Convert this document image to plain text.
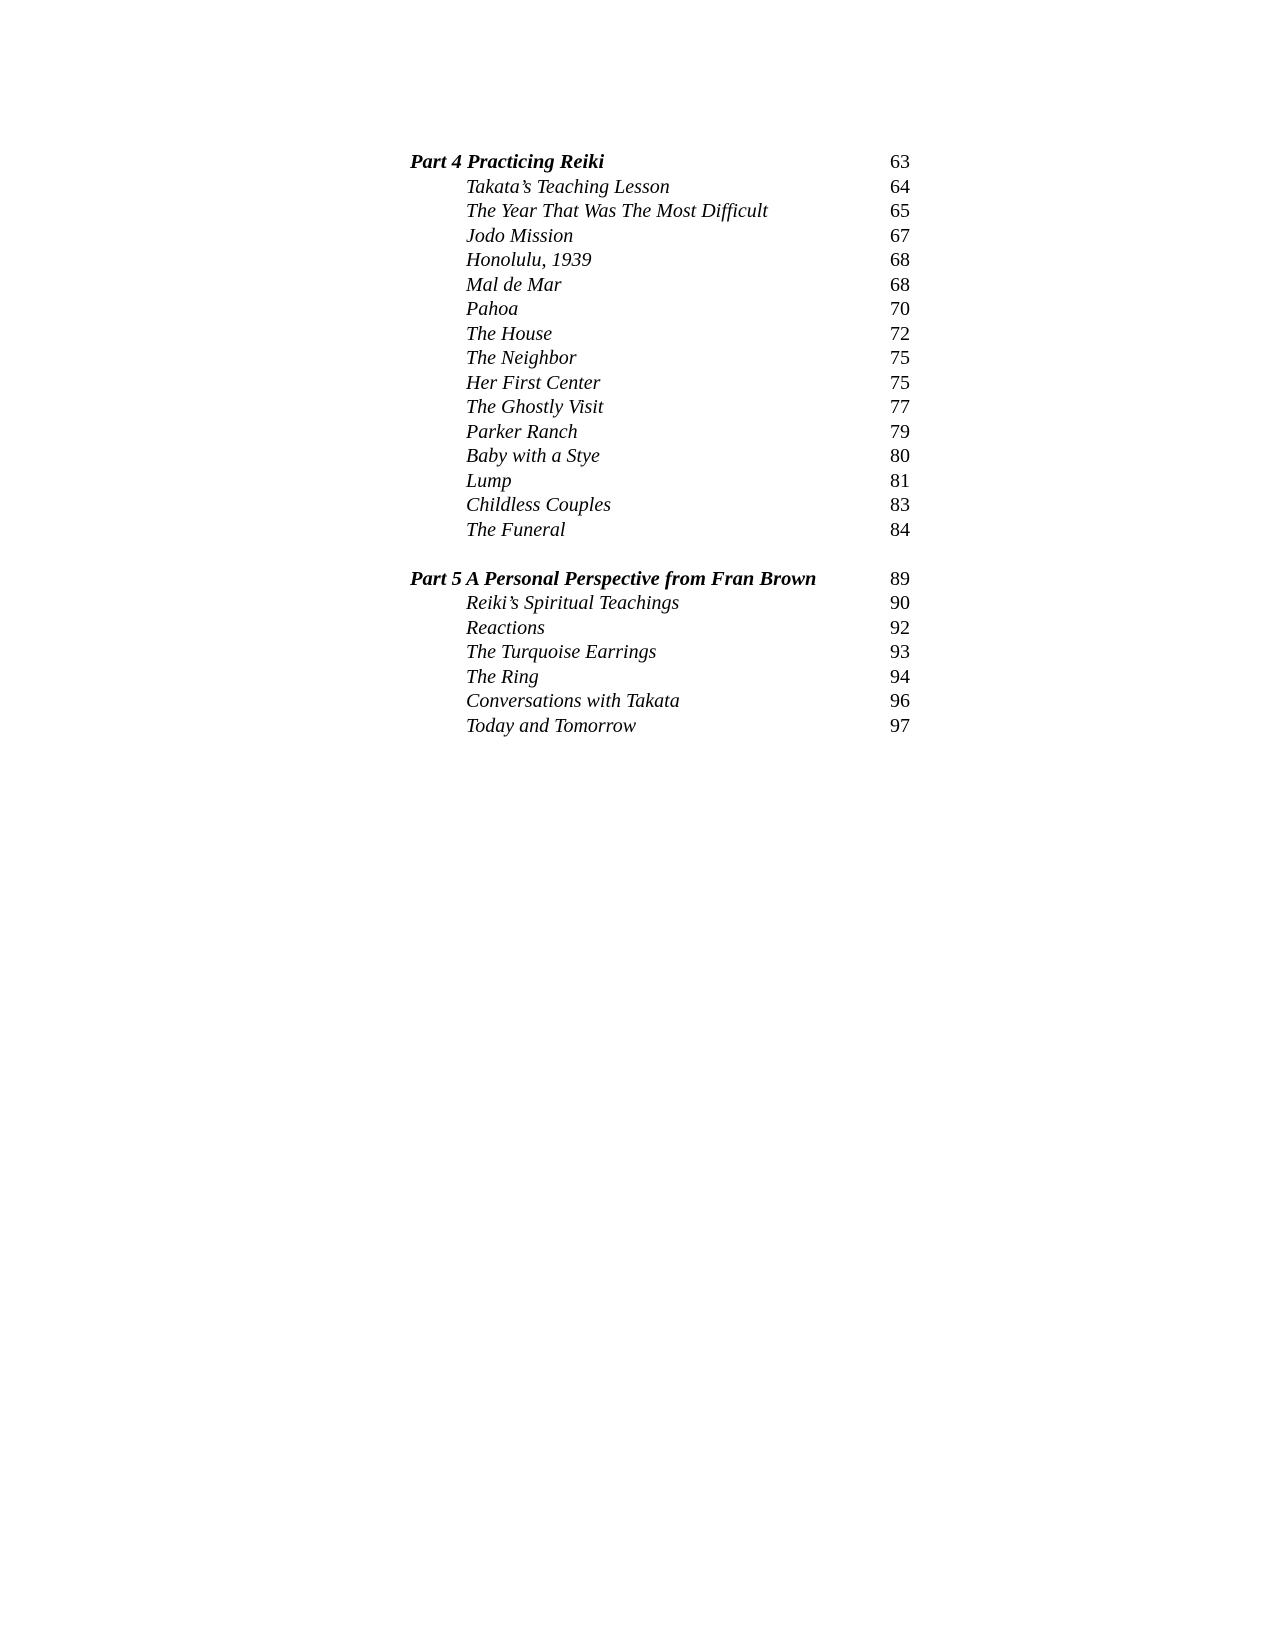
Part 4 Practicing Reiki	63
Takata’s Teaching Lesson	64
The Year That Was The Most Difficult	65
Jodo Mission	67
Honolulu, 1939	68
Mal de Mar	68
Pahoa	70
The House	72
The Neighbor	75
Her First Center	75
The Ghostly Visit	77
Parker Ranch	79
Baby with a Stye	80
Lump	81
Childless Couples	83
The Funeral	84
Part 5 A Personal Perspective from Fran Brown	89
Reiki’s Spiritual Teachings	90
Reactions	92
The Turquoise Earrings	93
The Ring	94
Conversations with Takata	96
Today and Tomorrow	97
